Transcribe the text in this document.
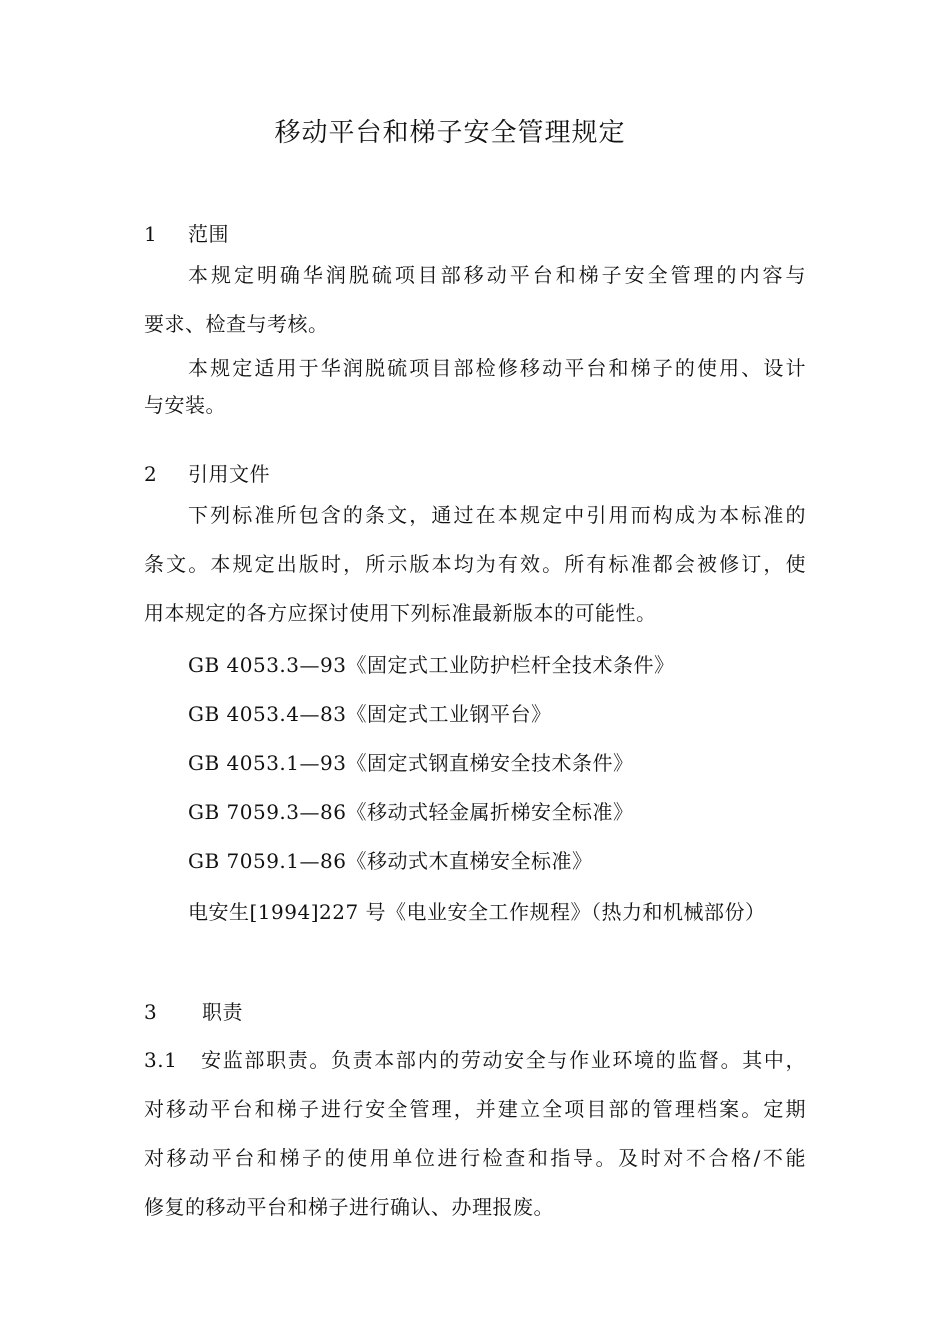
移动平台和梯子安全管理规定
1 范围
本规定明确华润脱硫项目部移动平台和梯子安全管理的内容与
要求、检查与考核。
本规定适用于华润脱硫项目部检修移动平台和梯子的使用、设计
与安装。
2 引用文件
下列标准所包含的条文，通过在本规定中引用而构成为本标准的
条文。本规定出版时，所示版本均为有效。所有标准都会被修订，使
用本规定的各方应探讨使用下列标准最新版本的可能性。
GB 4053.3—93《固定式工业防护栏杆全技术条件》
GB 4053.4—83《固定式工业钢平台》
GB 4053.1—93《固定式钢直梯安全技术条件》
GB 7059.3—86《移动式轻金属折梯安全标准》
GB 7059.1—86《移动式木直梯安全标准》
电安生[1994]227 号《电业安全工作规程》（热力和机械部份）
3 职责
3.1 安监部职责。负责本部内的劳动安全与作业环境的监督。其中，
对移动平台和梯子进行安全管理，并建立全项目部的管理档案。定期
对移动平台和梯子的使用单位进行检查和指导。及时对不合格/不能
修复的移动平台和梯子进行确认、办理报废。
